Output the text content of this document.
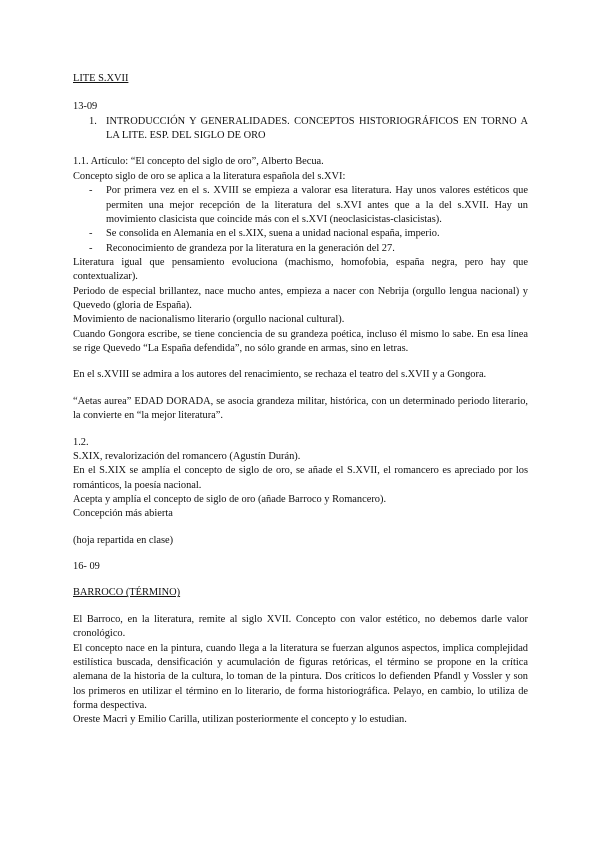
LITE S.XVII

13-09

1. INTRODUCCIÓN Y GENERALIDADES. CONCEPTOS HISTORIOGRÁFICOS EN TORNO A LA LITE. ESP. DEL SIGLO DE ORO

1.1. Artículo: “El concepto del siglo de oro”, Alberto Becua.

Concepto siglo de oro se aplica a la literatura española del s.XVI:

- Por primera vez en el s. XVIII se empieza a valorar esa literatura. Hay unos valores estéticos que permiten una mejor recepción de la literatura del s.XVI antes que a la del s.XVII. Hay un movimiento clasicista que coincide más con el s.XVI (neoclasicistas-clasicistas).
- Se consolida en Alemania en el s.XIX, suena a unidad nacional españa, imperio.
- Reconocimiento de grandeza por la literatura en la generación del 27.

Literatura igual que pensamiento evoluciona (machismo, homofobia, españa negra, pero hay que contextualizar).

Periodo de especial brillantez, nace mucho antes, empieza a nacer con Nebrija (orgullo lengua nacional) y Quevedo (gloria de España).

Movimiento de nacionalismo literario (orgullo nacional cultural).

Cuando Gongora escribe, se tiene conciencia de su grandeza poética, incluso él mismo lo sabe. En esa línea se rige Quevedo “La España defendida”, no sólo grande en armas, sino en letras.

En el s.XVIII se admira a los autores del renacimiento, se rechaza el teatro del s.XVII y a Gongora.

“Aetas aurea” EDAD DORADA, se asocia grandeza militar, histórica, con un determinado periodo literario, la convierte en “la mejor literatura”.

1.2.

S.XIX, revalorización del romancero (Agustín Durán).

En el S.XIX se amplía el concepto de siglo de oro, se añade el S.XVII, el romancero es apreciado por los románticos, la poesía nacional.

Acepta y amplía el concepto de siglo de oro (añade Barroco y Romancero).

Concepción más abierta

(hoja repartida en clase)

16- 09

BARROCO (TÉRMINO)

El Barroco, en la literatura, remite al siglo XVII. Concepto con valor estético, no debemos darle valor cronológico.

El concepto nace en la pintura, cuando llega a la literatura se fuerzan algunos aspectos, implica complejidad estilística buscada, densificación y acumulación de figuras retóricas, el término se propone en la crítica alemana de la historia de la cultura, lo toman de la pintura. Dos críticos lo defienden Pfandl y Vossler y son los primeros en utilizar el término en lo literario, de forma historiográfica. Pelayo, en cambio, lo utiliza de forma despectiva.

Oreste Macrì y Emilio Carilla, utilizan posteriormente el concepto y lo estudian.
